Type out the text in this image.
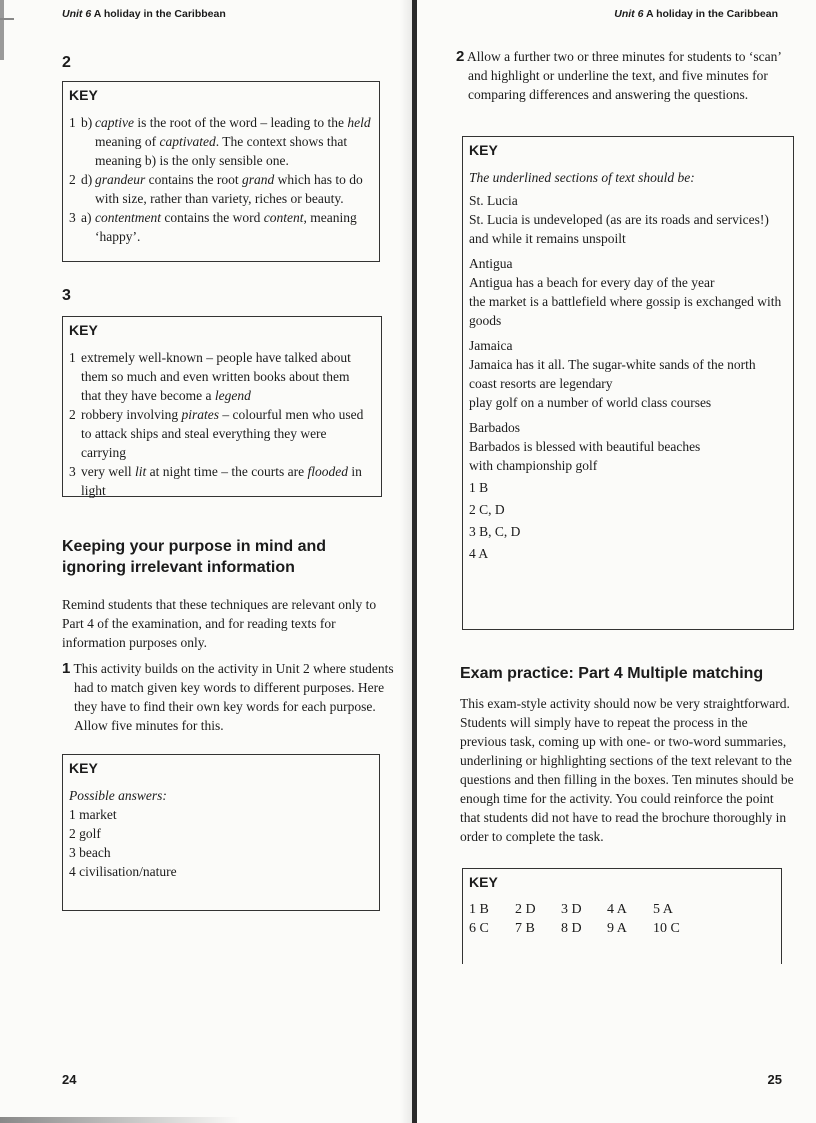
Unit 6 A holiday in the Caribbean
2
KEY
1 b) captive is the root of the word – leading to the held meaning of captivated. The context shows that meaning b) is the only sensible one.
2 d) grandeur contains the root grand which has to do with size, rather than variety, riches or beauty.
3 a) contentment contains the word content, meaning ‘happy’.
3
KEY
1 extremely well-known – people have talked about them so much and even written books about them that they have become a legend
2 robbery involving pirates – colourful men who used to attack ships and steal everything they were carrying
3 very well lit at night time – the courts are flooded in light
Keeping your purpose in mind and ignoring irrelevant information
Remind students that these techniques are relevant only to Part 4 of the examination, and for reading texts for information purposes only.
1 This activity builds on the activity in Unit 2 where students had to match given key words to different purposes. Here they have to find their own key words for each purpose. Allow five minutes for this.
KEY
Possible answers:
1 market
2 golf
3 beach
4 civilisation/nature
24
Unit 6 A holiday in the Caribbean
2 Allow a further two or three minutes for students to ‘scan’ and highlight or underline the text, and five minutes for comparing differences and answering the questions.
KEY
The underlined sections of text should be:
St. Lucia
St. Lucia is undeveloped (as are its roads and services!) and while it remains unspoilt
Antigua
Antigua has a beach for every day of the year
the market is a battlefield where gossip is exchanged with goods
Jamaica
Jamaica has it all. The sugar-white sands of the north coast resorts are legendary
play golf on a number of world class courses
Barbados
Barbados is blessed with beautiful beaches
with championship golf
1 B
2 C, D
3 B, C, D
4 A
Exam practice: Part 4 Multiple matching
This exam-style activity should now be very straightforward. Students will simply have to repeat the process in the previous task, coming up with one- or two-word summaries, underlining or highlighting sections of the text relevant to the questions and then filling in the boxes. Ten minutes should be enough time for the activity. You could reinforce the point that students did not have to read the brochure thoroughly in order to complete the task.
KEY
1 B	2 D	3 D	4 A	5 A
6 C	7 B	8 D	9 A	10 C
25
